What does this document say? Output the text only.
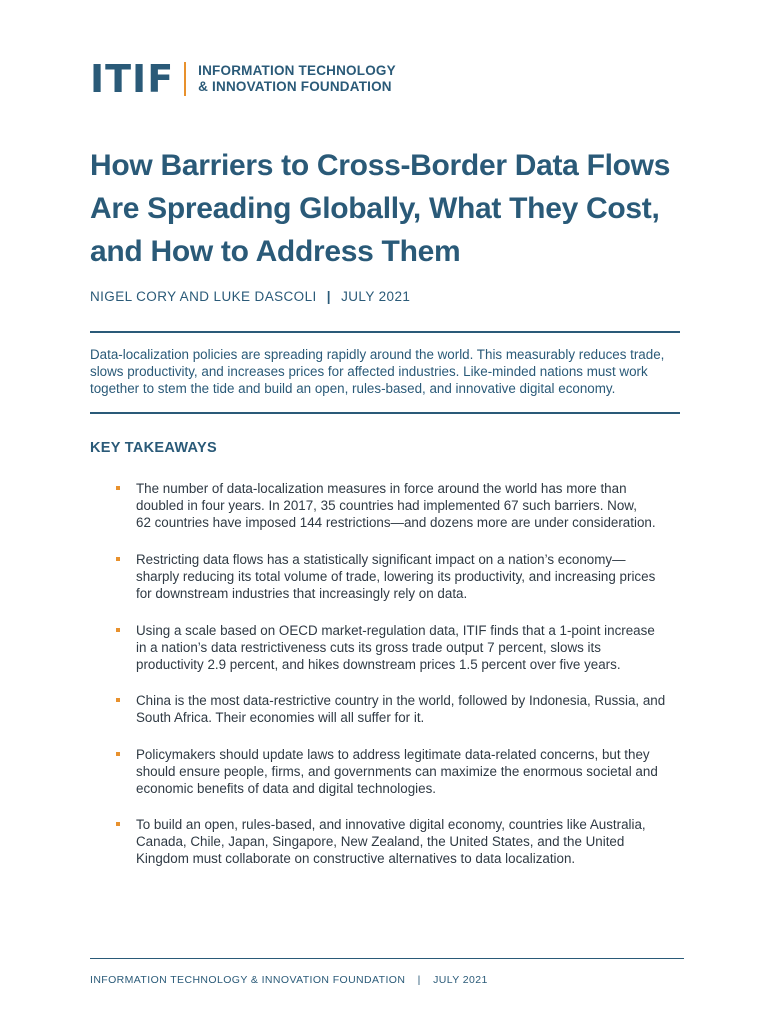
ITIF INFORMATION TECHNOLOGY
& INNOVATION FOUNDATION
How Barriers to Cross-Border Data Flows
Are Spreading Globally, What They Cost,
and How to Address Them
NIGEL CORY AND LUKE DASCOLI | JULY 2021
Data-localization policies are spreading rapidly around the world. This measurably reduces trade,
slows productivity, and increases prices for affected industries. Like-minded nations must work
together to stem the tide and build an open, rules-based, and innovative digital economy.
KEY TAKEAWAYS
The number of data-localization measures in force around the world has more than
doubled in four years. In 2017, 35 countries had implemented 67 such barriers. Now,
62 countries have imposed 144 restrictions—and dozens more are under consideration.
Restricting data flows has a statistically significant impact on a nation’s economy—
sharply reducing its total volume of trade, lowering its productivity, and increasing prices
for downstream industries that increasingly rely on data.
Using a scale based on OECD market-regulation data, ITIF finds that a 1-point increase
in a nation’s data restrictiveness cuts its gross trade output 7 percent, slows its
productivity 2.9 percent, and hikes downstream prices 1.5 percent over five years.
China is the most data-restrictive country in the world, followed by Indonesia, Russia, and
South Africa. Their economies will all suffer for it.
Policymakers should update laws to address legitimate data-related concerns, but they
should ensure people, firms, and governments can maximize the enormous societal and
economic benefits of data and digital technologies.
To build an open, rules-based, and innovative digital economy, countries like Australia,
Canada, Chile, Japan, Singapore, New Zealand, the United States, and the United
Kingdom must collaborate on constructive alternatives to data localization.
INFORMATION TECHNOLOGY & INNOVATION FOUNDATION | JULY 2021
